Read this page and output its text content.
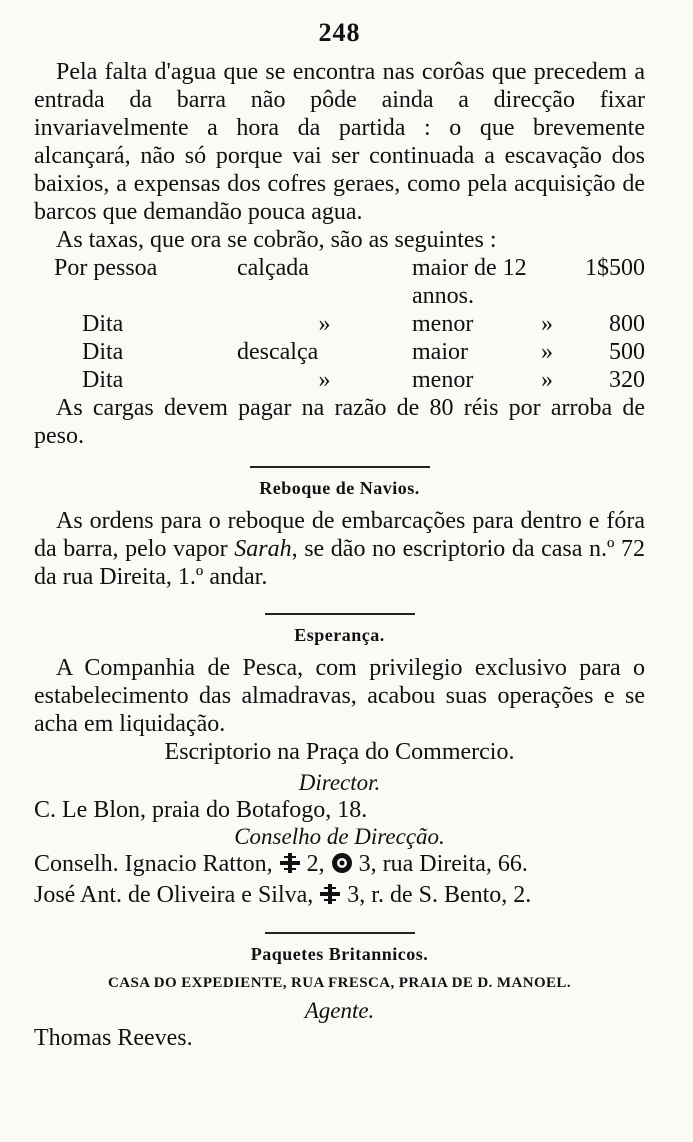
248

Pela falta d'agua que se encontra nas corôas que precedem a entrada da barra não pôde ainda a direcção fixar invariavelmente a hora da partida : o que brevemente alcançará, não só porque vai ser continuada a escavação dos baixios, a expensas dos cofres geraes, como pela acquisição de barcos que demandão pouca agua.

As taxas, que ora se cobrão, são as seguintes :

Por pessoa	calçada	maior de 12 annos.		1$500
Dita	»	menor	»	800
Dita	descalça	maior	»	500
Dita	»	menor	»	320

As cargas devem pagar na razão de 80 réis por arroba de peso.

Reboque de Navios.

As ordens para o reboque de embarcações para dentro e fóra da barra, pelo vapor Sarah, se dão no escriptorio da casa n.º 72 da rua Direita, 1.º andar.

Esperança.

A Companhia de Pesca, com privilegio exclusivo para o estabelecimento das almadravas, acabou suas operações e se acha em liquidação.

Escriptorio na Praça do Commercio.

Director.

C. Le Blon, praia do Botafogo, 18.

Conselho de Direcção.

Conselh. Ignacio Ratton, 2, 3, rua Direita, 66.

José Ant. de Oliveira e Silva, 3, r. de S. Bento, 2.

Paquetes Britannicos.

CASA DO EXPEDIENTE, RUA FRESCA, PRAIA DE D. MANOEL.

Agente.

Thomas Reeves.
